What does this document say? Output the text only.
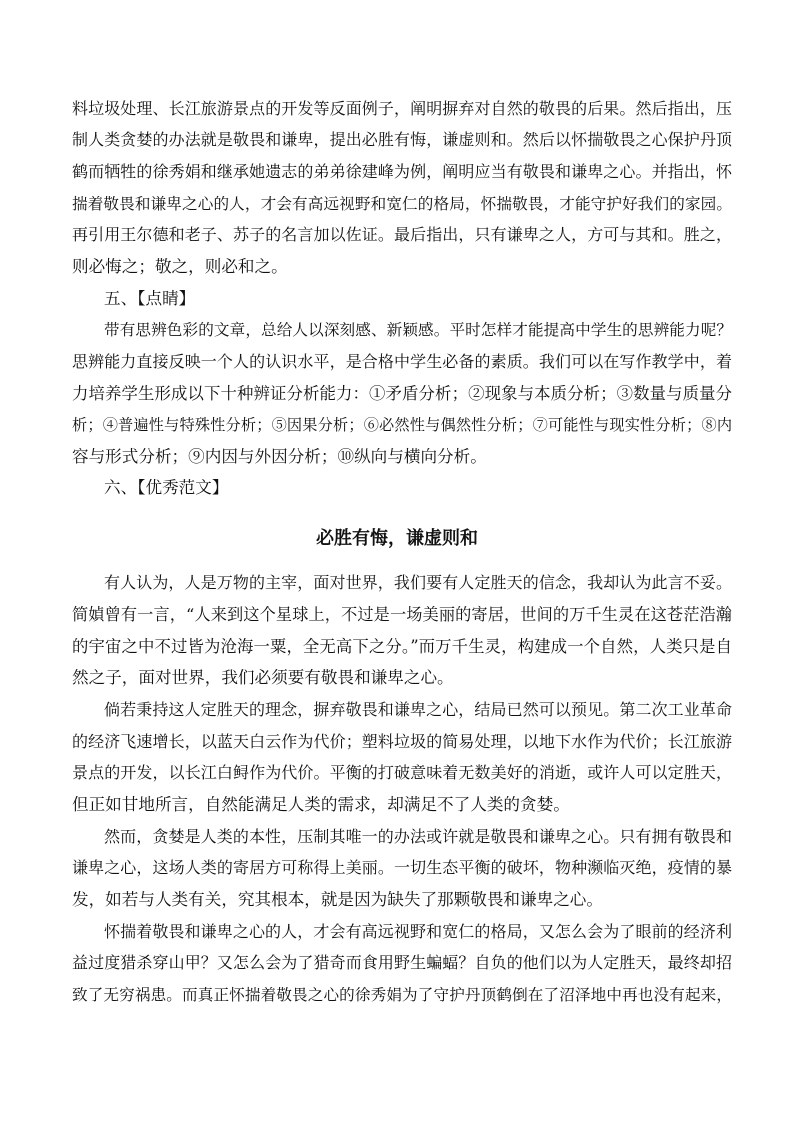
料垃圾处理、长江旅游景点的开发等反面例子，阐明摒弃对自然的敬畏的后果。然后指出，压
制人类贪婪的办法就是敬畏和谦卑，提出必胜有悔，谦虚则和。然后以怀揣敬畏之心保护丹顶
鹤而牺牲的徐秀娟和继承她遗志的弟弟徐建峰为例，阐明应当有敬畏和谦卑之心。并指出，怀
揣着敬畏和谦卑之心的人，才会有高远视野和宽仁的格局，怀揣敬畏，才能守护好我们的家园。
再引用王尔德和老子、苏子的名言加以佐证。最后指出，只有谦卑之人，方可与其和。胜之，
则必悔之；敬之，则必和之。
五、【点睛】
带有思辨色彩的文章，总给人以深刻感、新颖感。平时怎样才能提高中学生的思辨能力呢？
思辨能力直接反映一个人的认识水平，是合格中学生必备的素质。我们可以在写作教学中，着
力培养学生形成以下十种辨证分析能力：①矛盾分析；②现象与本质分析；③数量与质量分
析；④普遍性与特殊性分析；⑤因果分析；⑥必然性与偶然性分析；⑦可能性与现实性分析；⑧内
容与形式分析；⑨内因与外因分析；⑩纵向与横向分析。
六、【优秀范文】
必胜有悔，谦虚则和
有人认为，人是万物的主宰，面对世界，我们要有人定胜天的信念，我却认为此言不妥。
简媜曾有一言，“人来到这个星球上，不过是一场美丽的寄居，世间的万千生灵在这苍茫浩瀚
的宇宙之中不过皆为沧海一粟，全无高下之分。”而万千生灵，构建成一个自然，人类只是自
然之子，面对世界，我们必须要有敬畏和谦卑之心。
倘若秉持这人定胜天的理念，摒弃敬畏和谦卑之心，结局已然可以预见。第二次工业革命
的经济飞速增长，以蓝天白云作为代价；塑料垃圾的简易处理，以地下水作为代价；长江旅游
景点的开发，以长江白鲟作为代价。平衡的打破意味着无数美好的消逝，或许人可以定胜天，
但正如甘地所言，自然能满足人类的需求，却满足不了人类的贪婪。
然而，贪婪是人类的本性，压制其唯一的办法或许就是敬畏和谦卑之心。只有拥有敬畏和
谦卑之心，这场人类的寄居方可称得上美丽。一切生态平衡的破坏，物种濒临灭绝，疫情的暴
发，如若与人类有关，究其根本，就是因为缺失了那颗敬畏和谦卑之心。
怀揣着敬畏和谦卑之心的人，才会有高远视野和宽仁的格局，又怎么会为了眼前的经济利
益过度猎杀穿山甲？又怎么会为了猎奇而食用野生蝙蝠？自负的他们以为人定胜天，最终却招
致了无穷祸患。而真正怀揣着敬畏之心的徐秀娟为了守护丹顶鹤倒在了沼泽地中再也没有起来，
